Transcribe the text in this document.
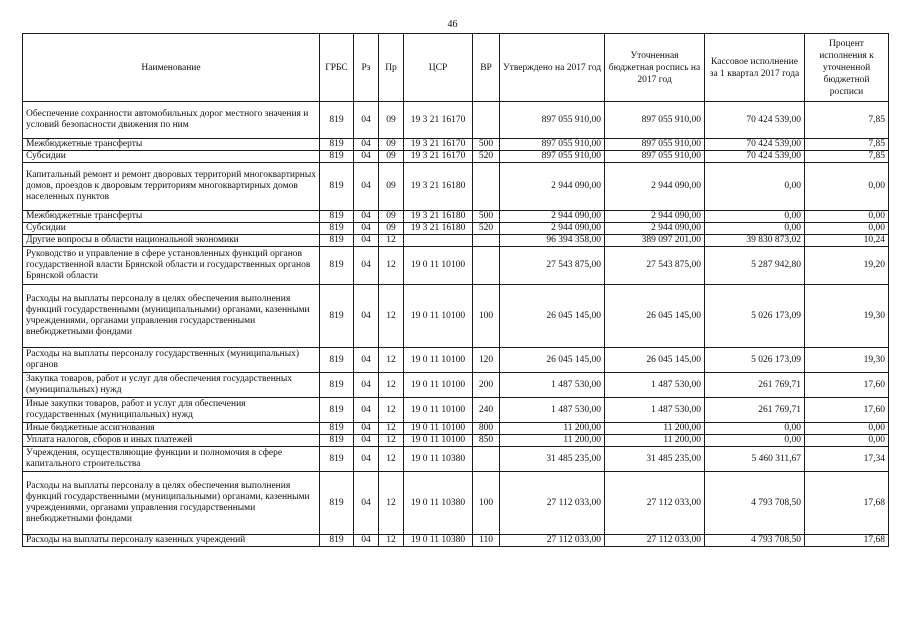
46
Наименование	ГРБС	Рз	Пр	ЦСР	ВР	Утверждено на 2017 год	Уточненная бюджетная роспись на 2017 год	Кассовое исполнение за 1 квартал 2017 года	Процент исполнения к уточненной бюджетной росписи
Обеспечение сохранности автомобильных дорог местного значения и условий безопасности движения по ним	819	04	09	19 3 21 16170		897 055 910,00	897 055 910,00	70 424 539,00	7,85
Межбюджетные трансферты	819	04	09	19 3 21 16170	500	897 055 910,00	897 055 910,00	70 424 539,00	7,85
Субсидии	819	04	09	19 3 21 16170	520	897 055 910,00	897 055 910,00	70 424 539,00	7,85
Капитальный ремонт и ремонт дворовых территорий многоквартирных домов, проездов к дворовым территориям многоквартирных домов населенных пунктов	819	04	09	19 3 21 16180		2 944 090,00	2 944 090,00	0,00	0,00
Межбюджетные трансферты	819	04	09	19 3 21 16180	500	2 944 090,00	2 944 090,00	0,00	0,00
Субсидии	819	04	09	19 3 21 16180	520	2 944 090,00	2 944 090,00	0,00	0,00
Другие вопросы в области национальной экономики	819	04	12			96 394 358,00	389 097 201,00	39 830 873,02	10,24
Руководство и управление в сфере установленных функций органов государственной власти Брянской области и государственных органов Брянской области	819	04	12	19 0 11 10100		27 543 875,00	27 543 875,00	5 287 942,80	19,20
Расходы на выплаты персоналу в целях обеспечения выполнения функций государственными (муниципальными) органами, казенными учреждениями, органами управления государственными внебюджетными фондами	819	04	12	19 0 11 10100	100	26 045 145,00	26 045 145,00	5 026 173,09	19,30
Расходы на выплаты персоналу государственных (муниципальных) органов	819	04	12	19 0 11 10100	120	26 045 145,00	26 045 145,00	5 026 173,09	19,30
Закупка товаров, работ и услуг для обеспечения государственных (муниципальных) нужд	819	04	12	19 0 11 10100	200	1 487 530,00	1 487 530,00	261 769,71	17,60
Иные закупки товаров, работ и услуг для обеспечения государственных (муниципальных) нужд	819	04	12	19 0 11 10100	240	1 487 530,00	1 487 530,00	261 769,71	17,60
Иные бюджетные ассигнования	819	04	12	19 0 11 10100	800	11 200,00	11 200,00	0,00	0,00
Уплата налогов, сборов и иных платежей	819	04	12	19 0 11 10100	850	11 200,00	11 200,00	0,00	0,00
Учреждения, осуществляющие функции и полномочия в сфере капитального строительства	819	04	12	19 0 11 10380		31 485 235,00	31 485 235,00	5 460 311,67	17,34
Расходы на выплаты персоналу в целях обеспечения выполнения функций государственными (муниципальными) органами, казенными учреждениями, органами управления государственными внебюджетными фондами	819	04	12	19 0 11 10380	100	27 112 033,00	27 112 033,00	4 793 708,50	17,68
Расходы на выплаты персоналу казенных учреждений	819	04	12	19 0 11 10380	110	27 112 033,00	27 112 033,00	4 793 708,50	17,68
